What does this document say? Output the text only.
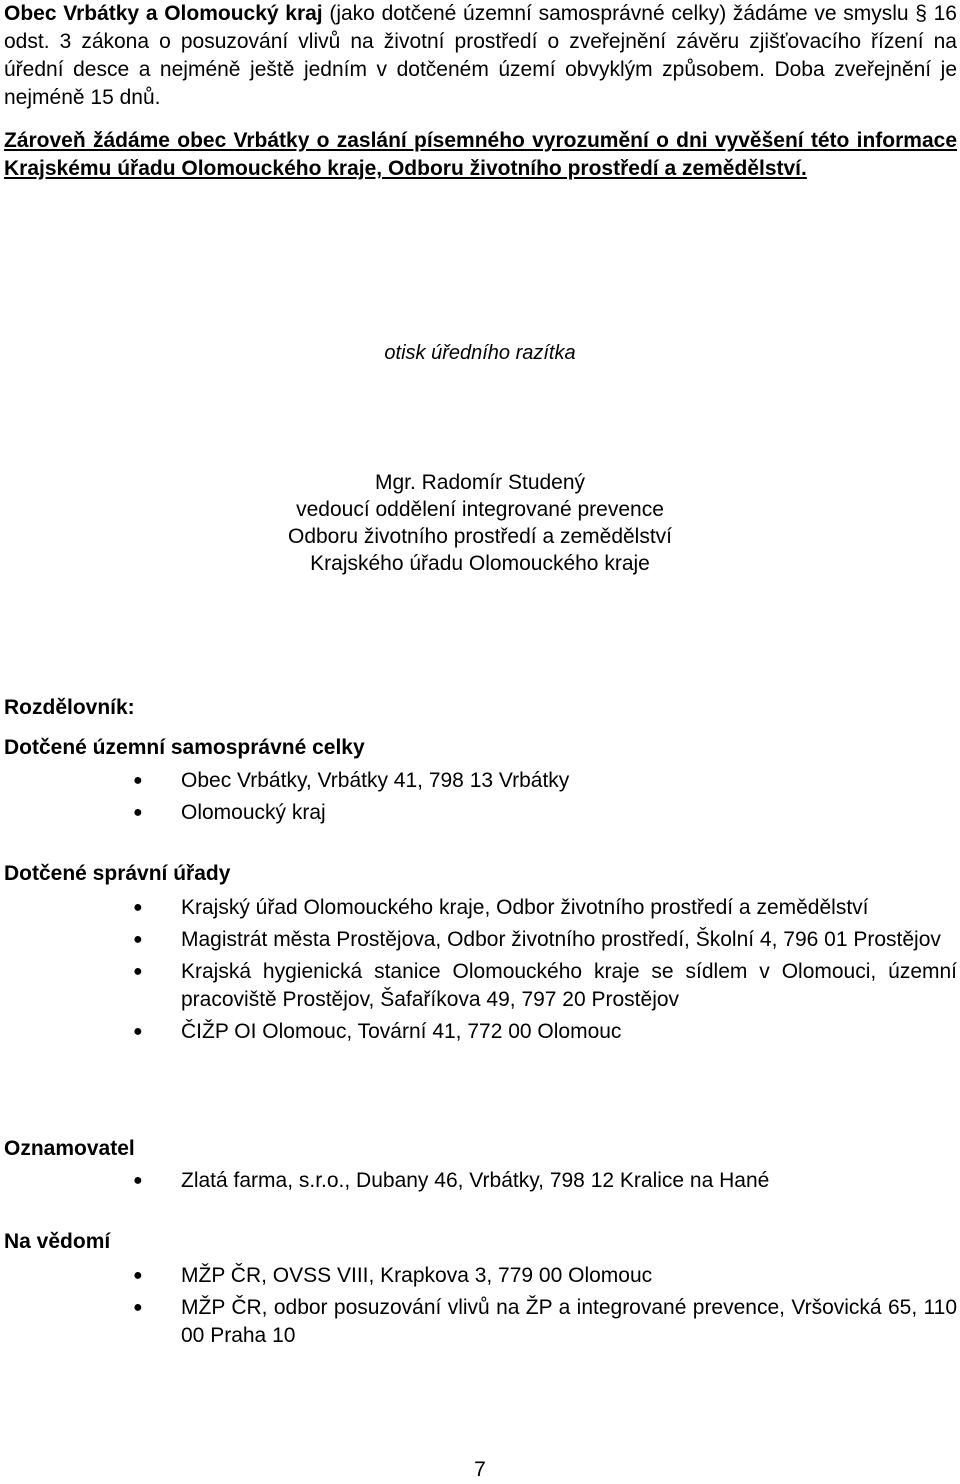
Obec Vrbátky a Olomoucký kraj (jako dotčené územní samosprávné celky) žádáme ve smyslu § 16 odst. 3 zákona o posuzování vlivů na životní prostředí o zveřejnění závěru zjišťovacího řízení na úřední desce a nejméně ještě jedním v dotčeném území obvyklým způsobem. Doba zveřejnění je nejméně 15 dnů.

Zároveň žádáme obec Vrbátky o zaslání písemného vyrozumění o dni vyvěšení této informace Krajskému úřadu Olomouckého kraje, Odboru životního prostředí a zemědělství.

otisk úředního razítka
Mgr. Radomír Studený
vedoucí oddělení integrované prevence
Odboru životního prostředí a zemědělství
Krajského úřadu Olomouckého kraje
Rozdělovník:
Dotčené územní samosprávné celky
● Obec Vrbátky, Vrbátky 41, 798 13 Vrbátky
● Olomoucký kraj
Dotčené správní úřady
● Krajský úřad Olomouckého kraje, Odbor životního prostředí a zemědělství
● Magistrát města Prostějova, Odbor životního prostředí, Školní 4, 796 01 Prostějov
● Krajská hygienická stanice Olomouckého kraje se sídlem v Olomouci, územní pracoviště Prostějov, Šafaříkova 49, 797 20 Prostějov
● ČIŽP OI Olomouc, Tovární 41, 772 00 Olomouc
Oznamovatel
● Zlatá farma, s.r.o., Dubany 46, Vrbátky, 798 12 Kralice na Hané
Na vědomí
● MŽP ČR, OVSS VIII, Krapkova 3, 779 00 Olomouc
● MŽP ČR, odbor posuzování vlivů na ŽP a integrované prevence, Vršovická 65, 110 00 Praha 10
7
